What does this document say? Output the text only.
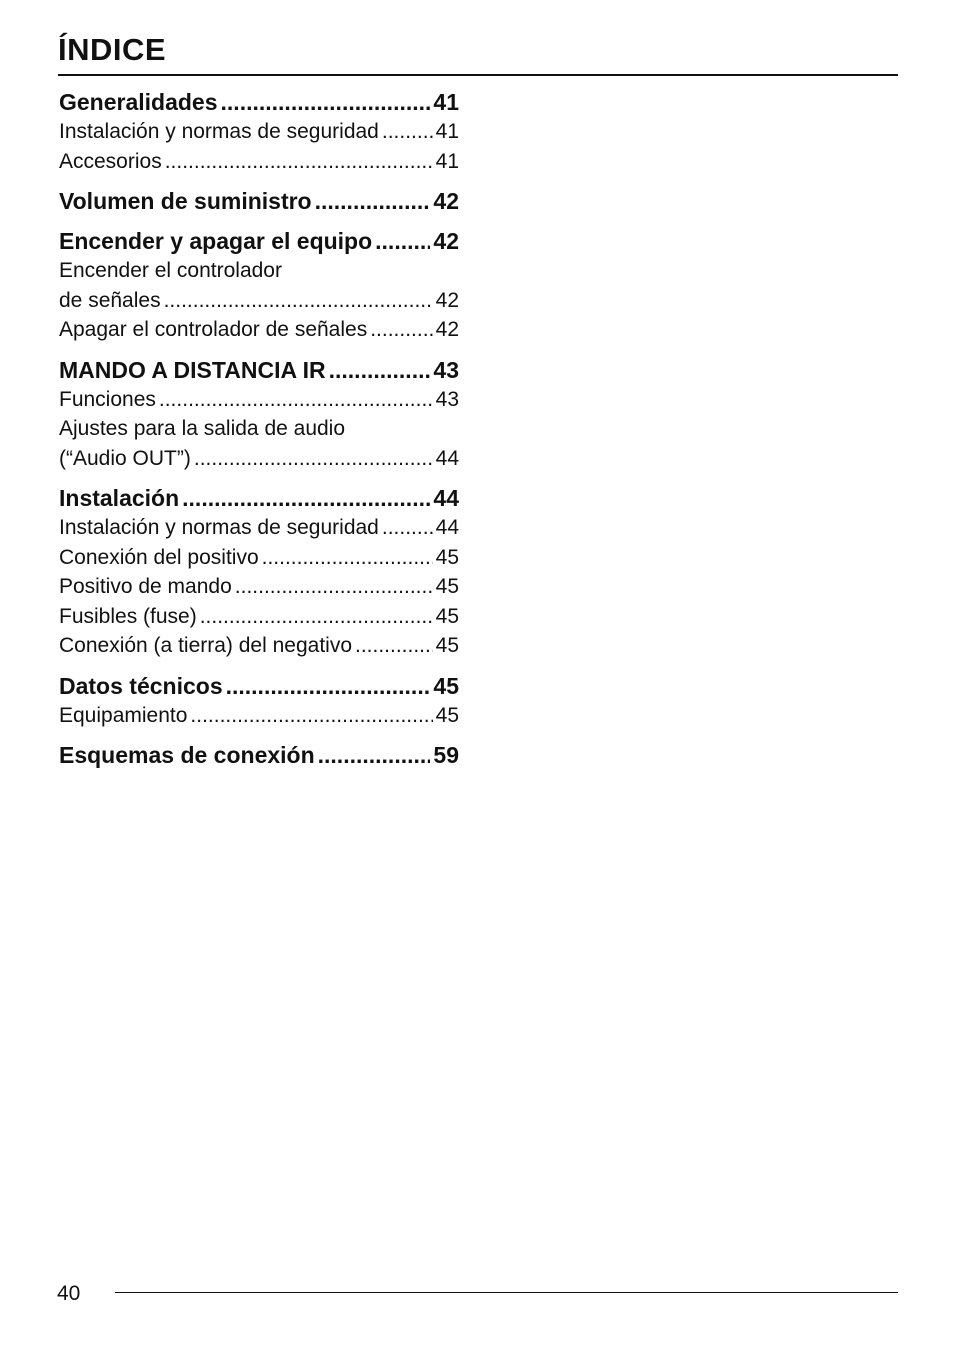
ÍNDICE
Generalidades .....	41
Instalación y normas de seguridad .....	41
Accesorios .....	41
Volumen de suministro .....	42
Encender y apagar el equipo .....	42
Encender el controlador
de señales .....	42
Apagar el controlador de señales .....	42
MANDO A DISTANCIA IR .....	43
Funciones .....	43
Ajustes para la salida de audio
(“Audio OUT”) .....	44
Instalación .....	44
Instalación y normas de seguridad .....	44
Conexión del positivo .....	45
Positivo de mando .....	45
Fusibles (fuse) .....	45
Conexión (a tierra) del negativo .....	45
Datos técnicos .....	45
Equipamiento .....	45
Esquemas de conexión .....	59
40
